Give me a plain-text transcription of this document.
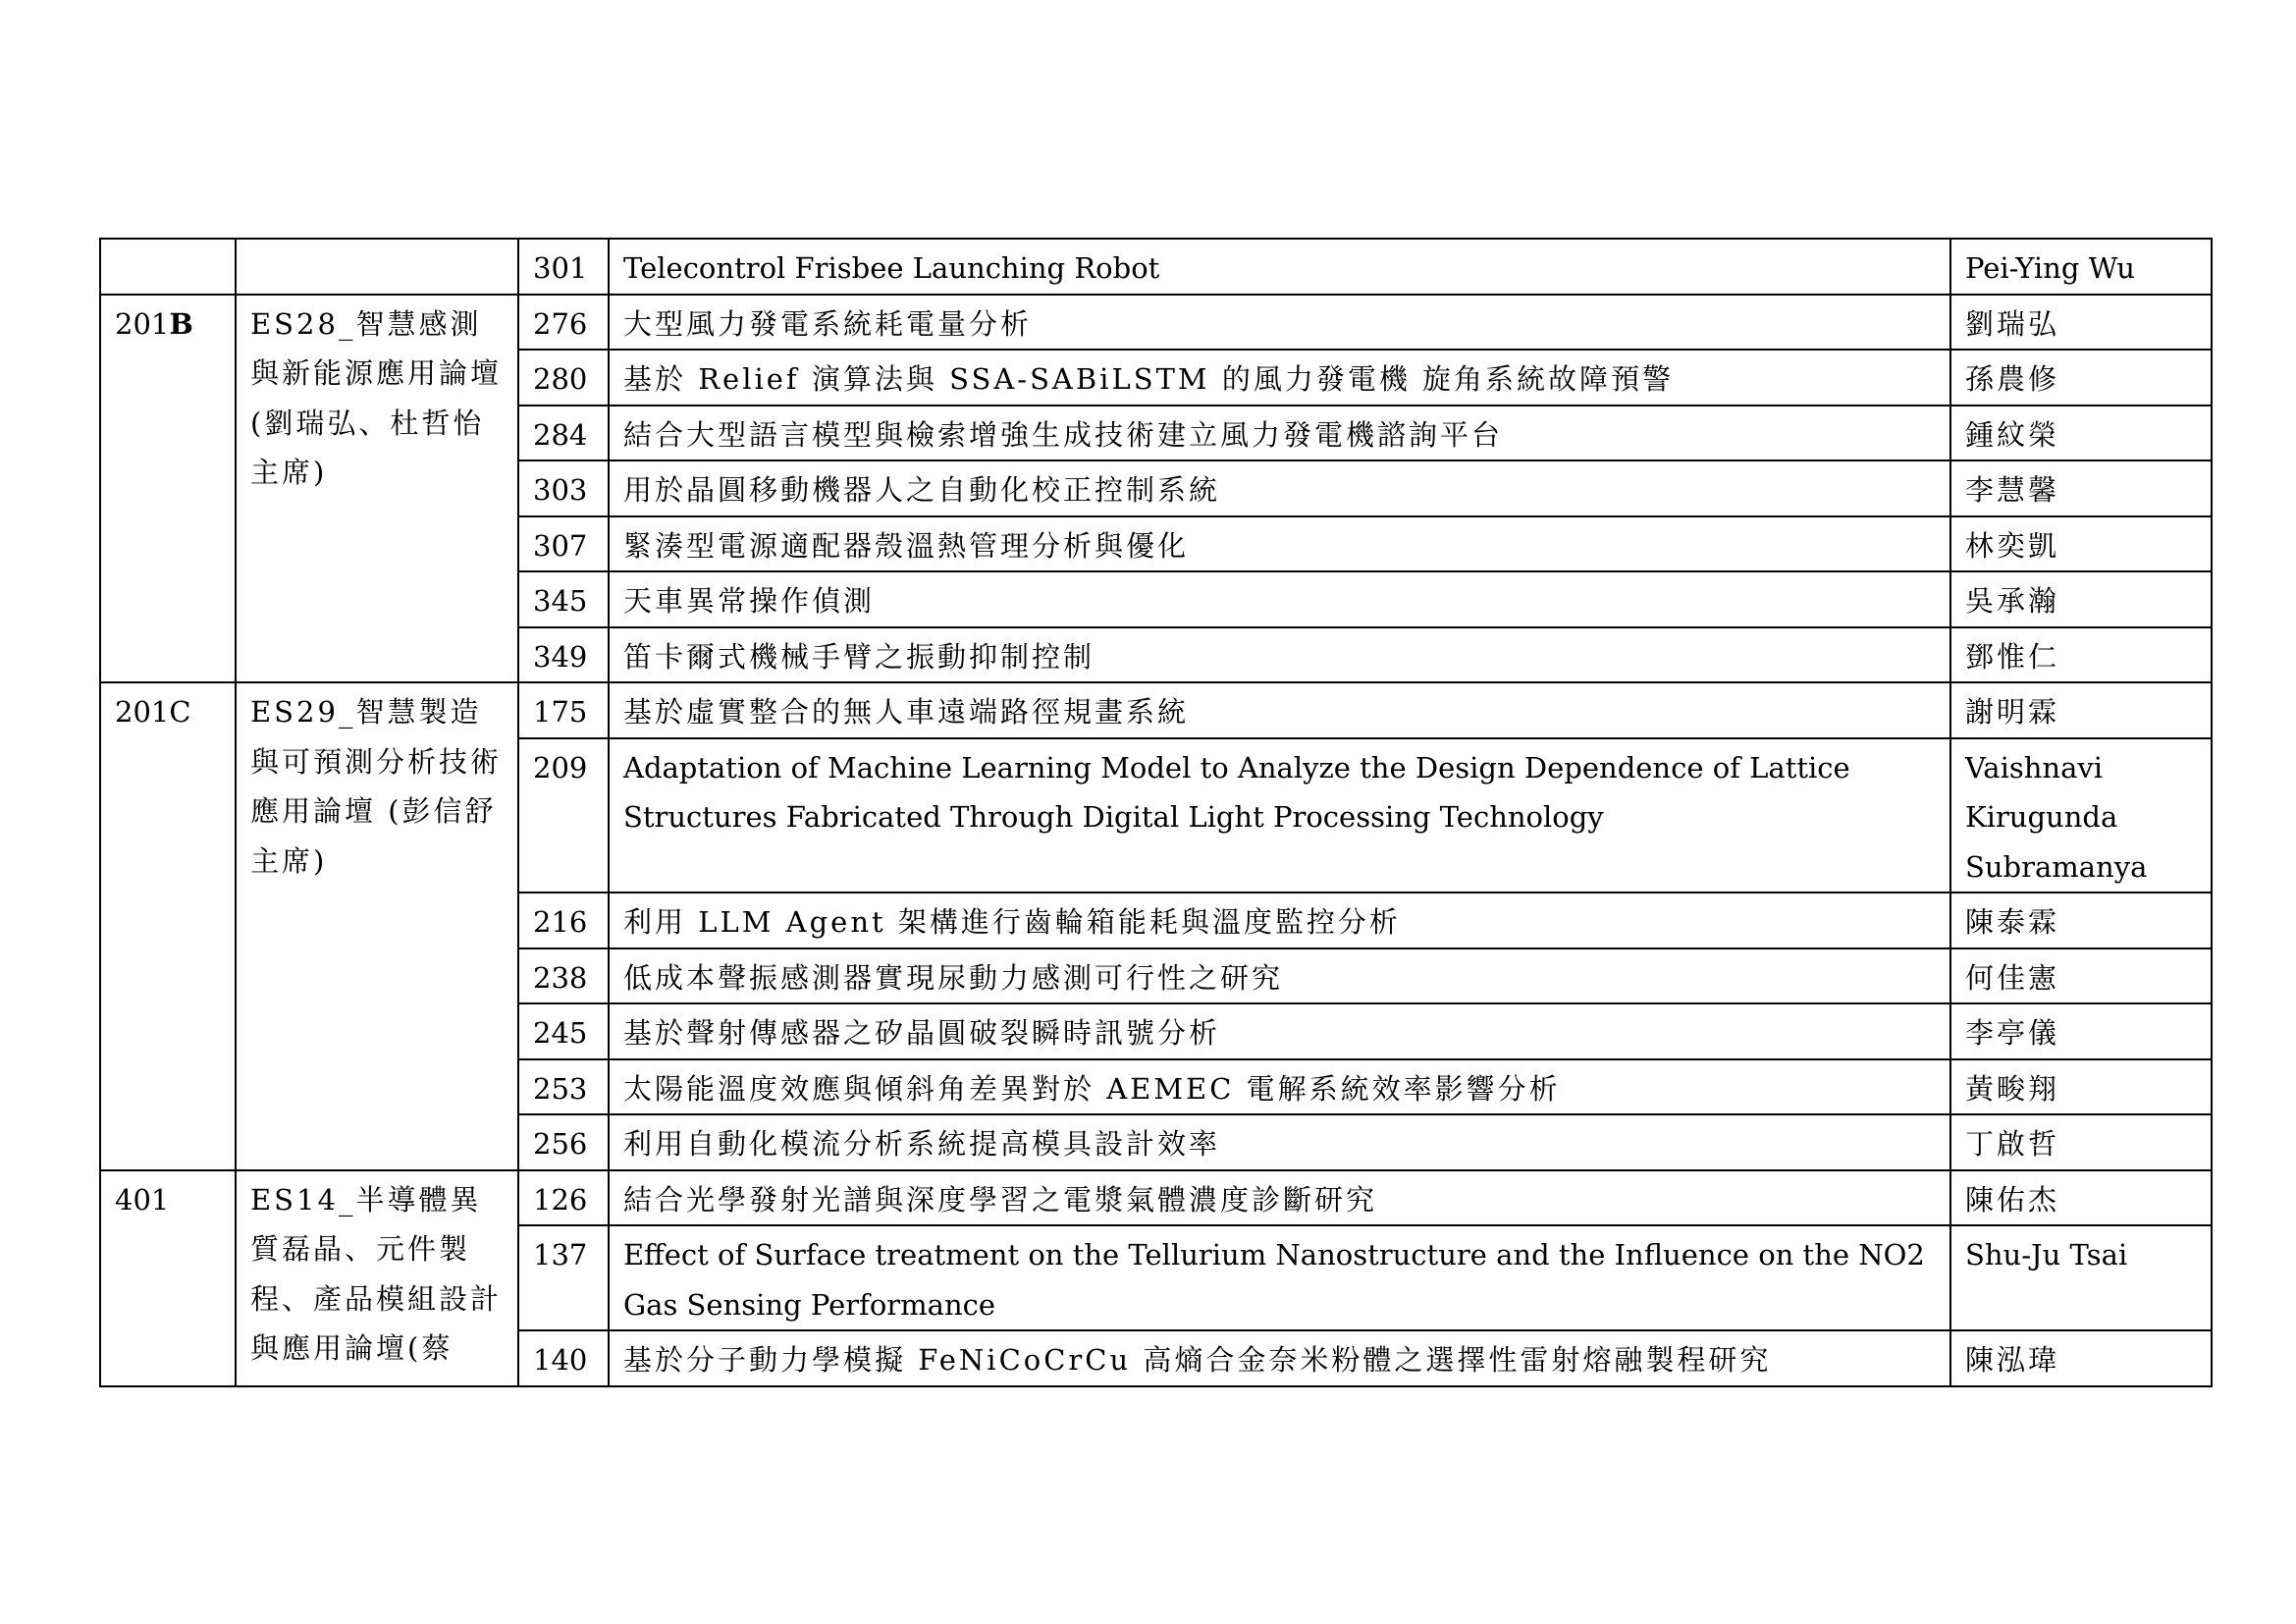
		301	Telecontrol Frisbee Launching Robot	Pei-Ying Wu
201B	ES28_智慧感測與新能源應用論壇(劉瑞弘、杜哲怡主席)	276	大型風力發電系統耗電量分析	劉瑞弘
		280	基於 Relief 演算法與 SSA-SABiLSTM 的風力發電機 旋角系統故障預警	孫農修
		284	結合大型語言模型與檢索增強生成技術建立風力發電機諮詢平台	鍾紋榮
		303	用於晶圓移動機器人之自動化校正控制系統	李慧馨
		307	緊湊型電源適配器殼溫熱管理分析與優化	林奕凱
		345	天車異常操作偵測	吳承瀚
		349	笛卡爾式機械手臂之振動抑制控制	鄧惟仁
201C	ES29_智慧製造與可預測分析技術應用論壇 (彭信舒主席)	175	基於虛實整合的無人車遠端路徑規畫系統	謝明霖
		209	Adaptation of Machine Learning Model to Analyze the Design Dependence of Lattice Structures Fabricated Through Digital Light Processing Technology	Vaishnavi Kirugunda Subramanya
		216	利用 LLM Agent 架構進行齒輪箱能耗與溫度監控分析	陳泰霖
		238	低成本聲振感測器實現尿動力感測可行性之研究	何佳憲
		245	基於聲射傳感器之矽晶圓破裂瞬時訊號分析	李亭儀
		253	太陽能溫度效應與傾斜角差異對於 AEMEC 電解系統效率影響分析	黃畯翔
		256	利用自動化模流分析系統提高模具設計效率	丁啟哲
401	ES14_半導體異質磊晶、元件製程、產品模組設計與應用論壇(蔡	126	結合光學發射光譜與深度學習之電漿氣體濃度診斷研究	陳佑杰
		137	Effect of Surface treatment on the Tellurium Nanostructure and the Influence on the NO2 Gas Sensing Performance	Shu-Ju Tsai
		140	基於分子動力學模擬 FeNiCoCrCu 高熵合金奈米粉體之選擇性雷射熔融製程研究	陳泓瑋
